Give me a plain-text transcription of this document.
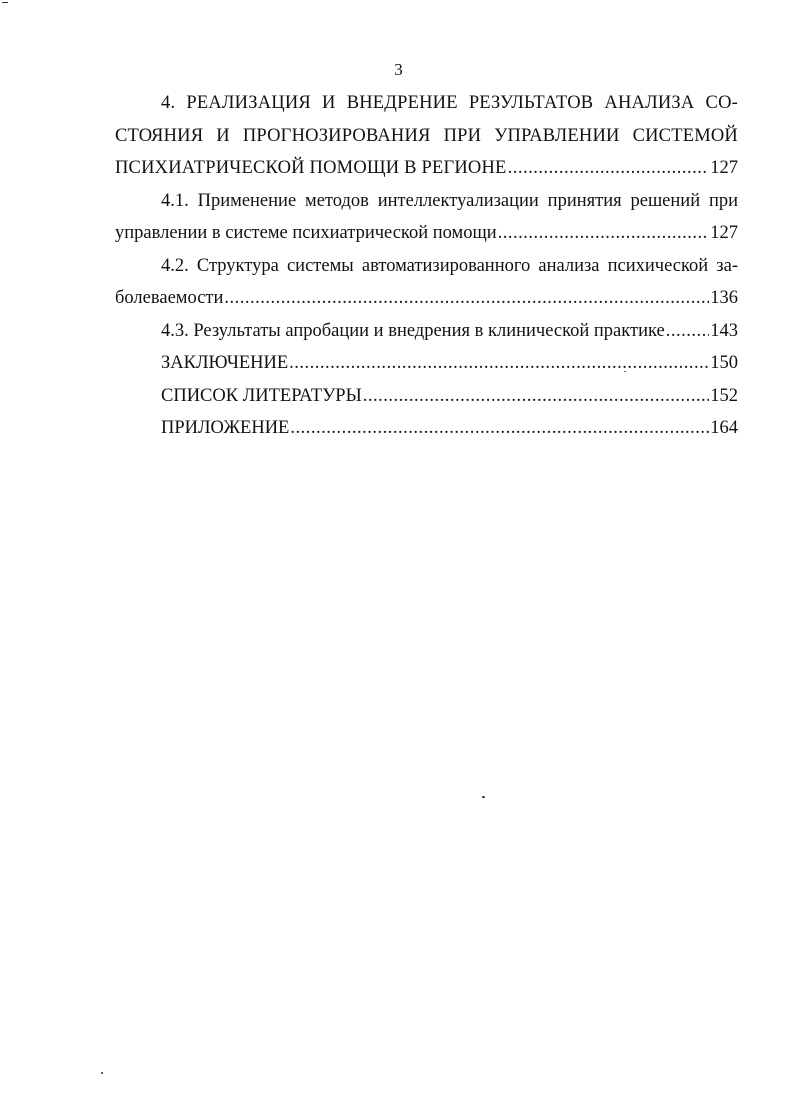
3
4. РЕАЛИЗАЦИЯ И ВНЕДРЕНИЕ РЕЗУЛЬТАТОВ АНАЛИЗА СО-
СТОЯНИЯ И ПРОГНОЗИРОВАНИЯ ПРИ УПРАВЛЕНИИ СИСТЕМОЙ
ПСИХИАТРИЧЕСКОЙ ПОМОЩИ В РЕГИОНЕ .....	127
4.1. Применение методов интеллектуализации принятия решений при
управлении в системе психиатрической помощи .....	127
4.2. Структура системы автоматизированного анализа психической за-
болеваемости .....	136
4.3. Результаты апробации и внедрения в клинической практике ..... 143
ЗАКЛЮЧЕНИЕ .....	150
СПИСОК ЛИТЕРАТУРЫ .....	152
ПРИЛОЖЕНИЕ .....	164
